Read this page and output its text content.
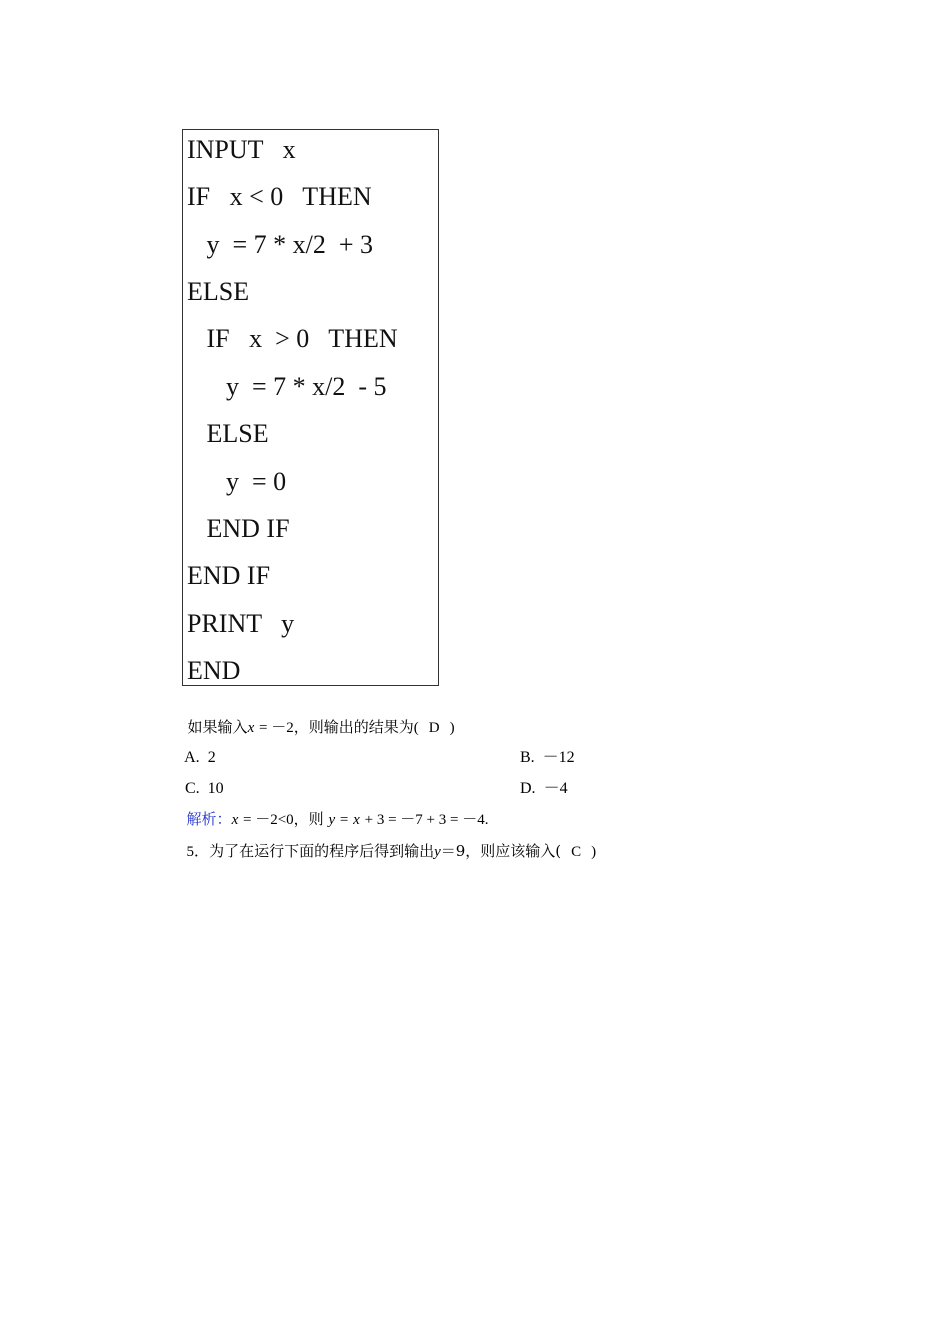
INPUT   x
IF   x < 0   THEN
y  = 7 * x/2  + 3
ELSE
IF   x  > 0   THEN
y  = 7 * x/2  - 5
ELSE
y  = 0
END IF
END IF
PRINT   y
END

如果输入x = －2，则输出的结果为( D )

A. 2	B. －12

C. 10	D. －4

解析：x = －2<0，则 y = x + 3 = －7 + 3 = －4.

5．为了在运行下面的程序后得到输出y＝9，则应该输入( C )
